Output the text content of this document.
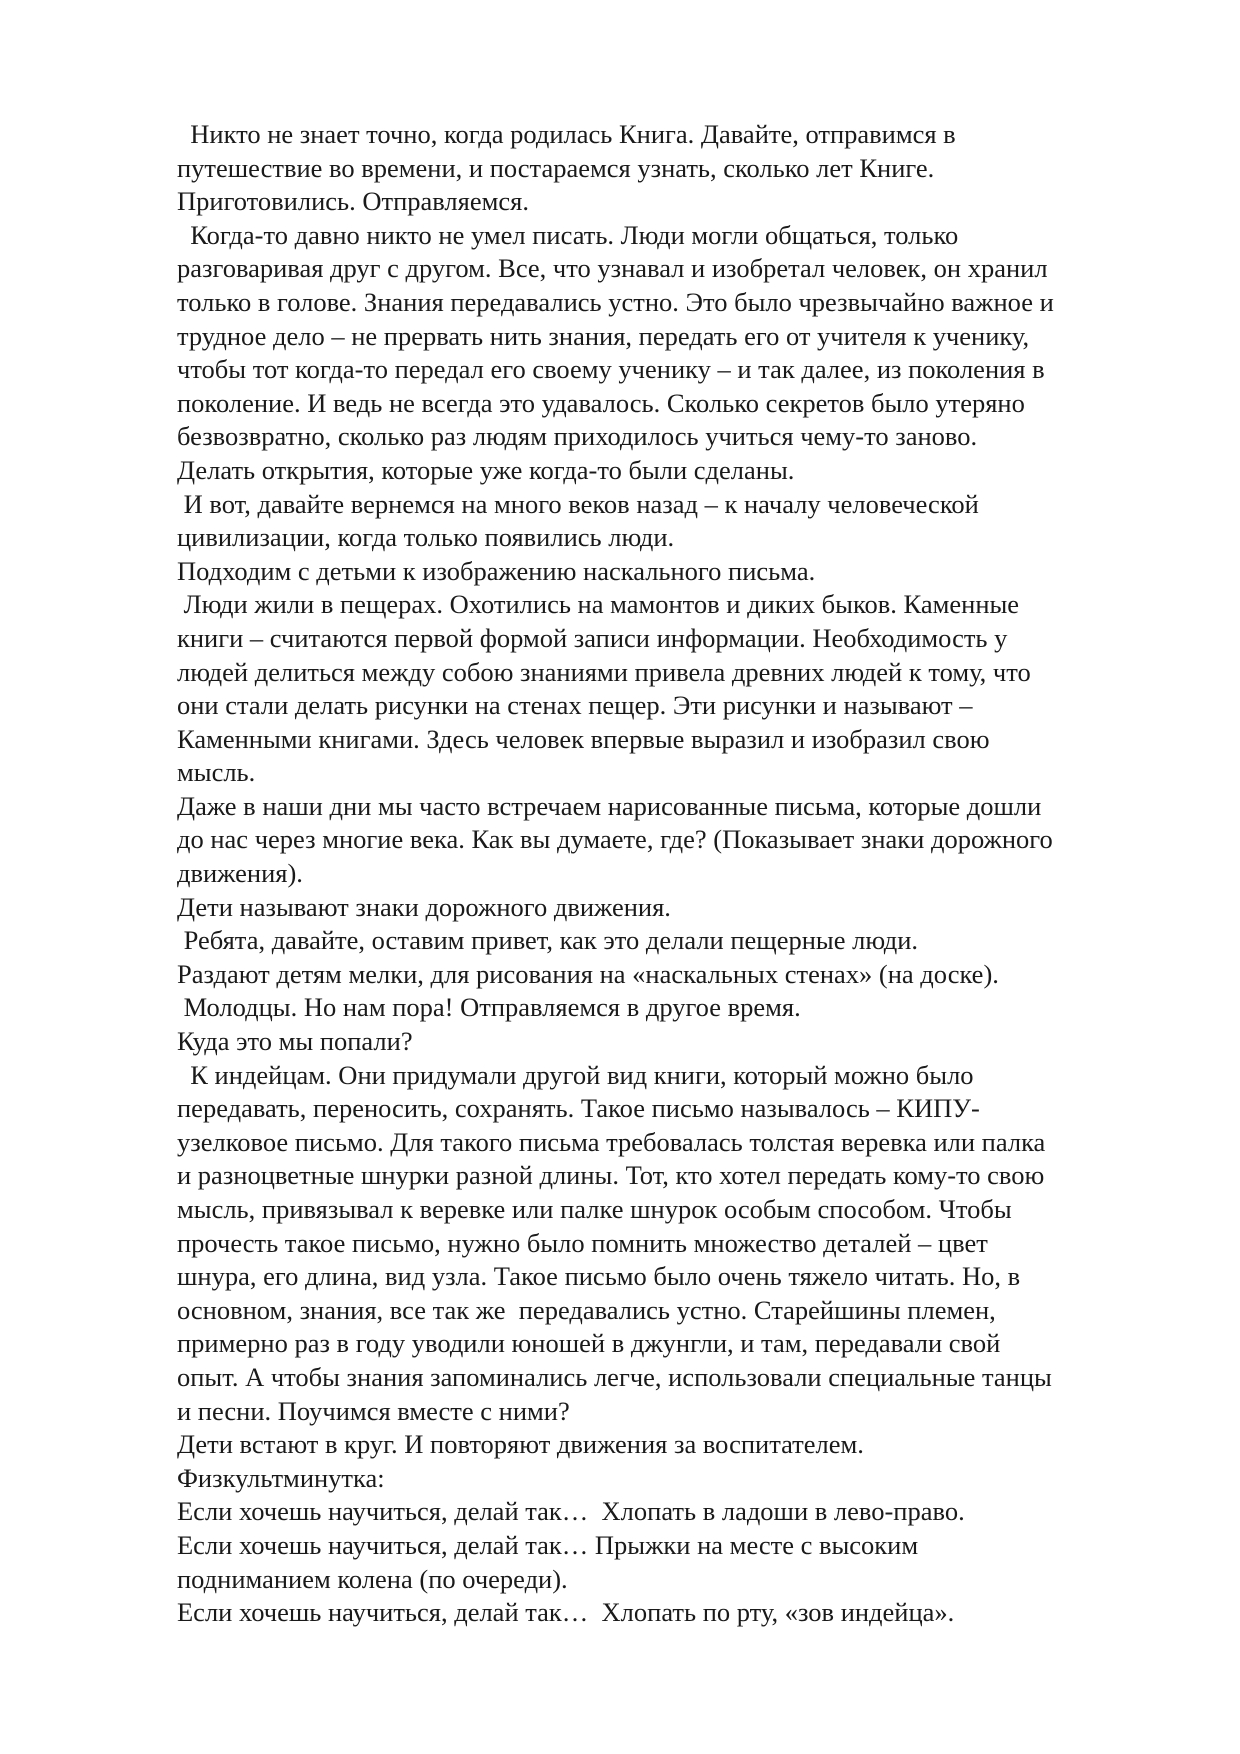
Никто не знает точно, когда родилась Книга. Давайте, отправимся в
путешествие во времени, и постараемся узнать, сколько лет Книге.
Приготовились. Отправляемся.
Когда-то давно никто не умел писать. Люди могли общаться, только
разговаривая друг с другом. Все, что узнавал и изобретал человек, он хранил
только в голове. Знания передавались устно. Это было чрезвычайно важное и
трудное дело – не прервать нить знания, передать его от учителя к ученику,
чтобы тот когда-то передал его своему ученику – и так далее, из поколения в
поколение. И ведь не всегда это удавалось. Сколько секретов было утеряно
безвозвратно, сколько раз людям приходилось учиться чему-то заново.
Делать открытия, которые уже когда-то были сделаны.
И вот, давайте вернемся на много веков назад – к началу человеческой
цивилизации, когда только появились люди.
Подходим с детьми к изображению наскального письма.
Люди жили в пещерах. Охотились на мамонтов и диких быков. Каменные
книги – считаются первой формой записи информации. Необходимость у
людей делиться между собою знаниями привела древних людей к тому, что
они стали делать рисунки на стенах пещер. Эти рисунки и называют –
Каменными книгами. Здесь человек впервые выразил и изобразил свою
мысль.
Даже в наши дни мы часто встречаем нарисованные письма, которые дошли
до нас через многие века. Как вы думаете, где? (Показывает знаки дорожного
движения).
Дети называют знаки дорожного движения.
Ребята, давайте, оставим привет, как это делали пещерные люди.
Раздают детям мелки, для рисования на «наскальных стенах» (на доске).
Молодцы. Но нам пора! Отправляемся в другое время.
Куда это мы попали?
К индейцам. Они придумали другой вид книги, который можно было
передавать, переносить, сохранять. Такое письмо называлось – КИПУ-
узелковое письмо. Для такого письма требовалась толстая веревка или палка
и разноцветные шнурки разной длины. Тот, кто хотел передать кому-то свою
мысль, привязывал к веревке или палке шнурок особым способом. Чтобы
прочесть такое письмо, нужно было помнить множество деталей – цвет
шнура, его длина, вид узла. Такое письмо было очень тяжело читать. Но, в
основном, знания, все так же  передавались устно. Старейшины племен,
примерно раз в году уводили юношей в джунгли, и там, передавали свой
опыт. А чтобы знания запоминались легче, использовали специальные танцы
и песни. Поучимся вместе с ними?
Дети встают в круг. И повторяют движения за воспитателем.
Физкультминутка:
Если хочешь научиться, делай так…  Хлопать в ладоши в лево-право.
Если хочешь научиться, делай так… Прыжки на месте с высоким
подниманием колена (по очереди).
Если хочешь научиться, делай так…  Хлопать по рту, «зов индейца».
